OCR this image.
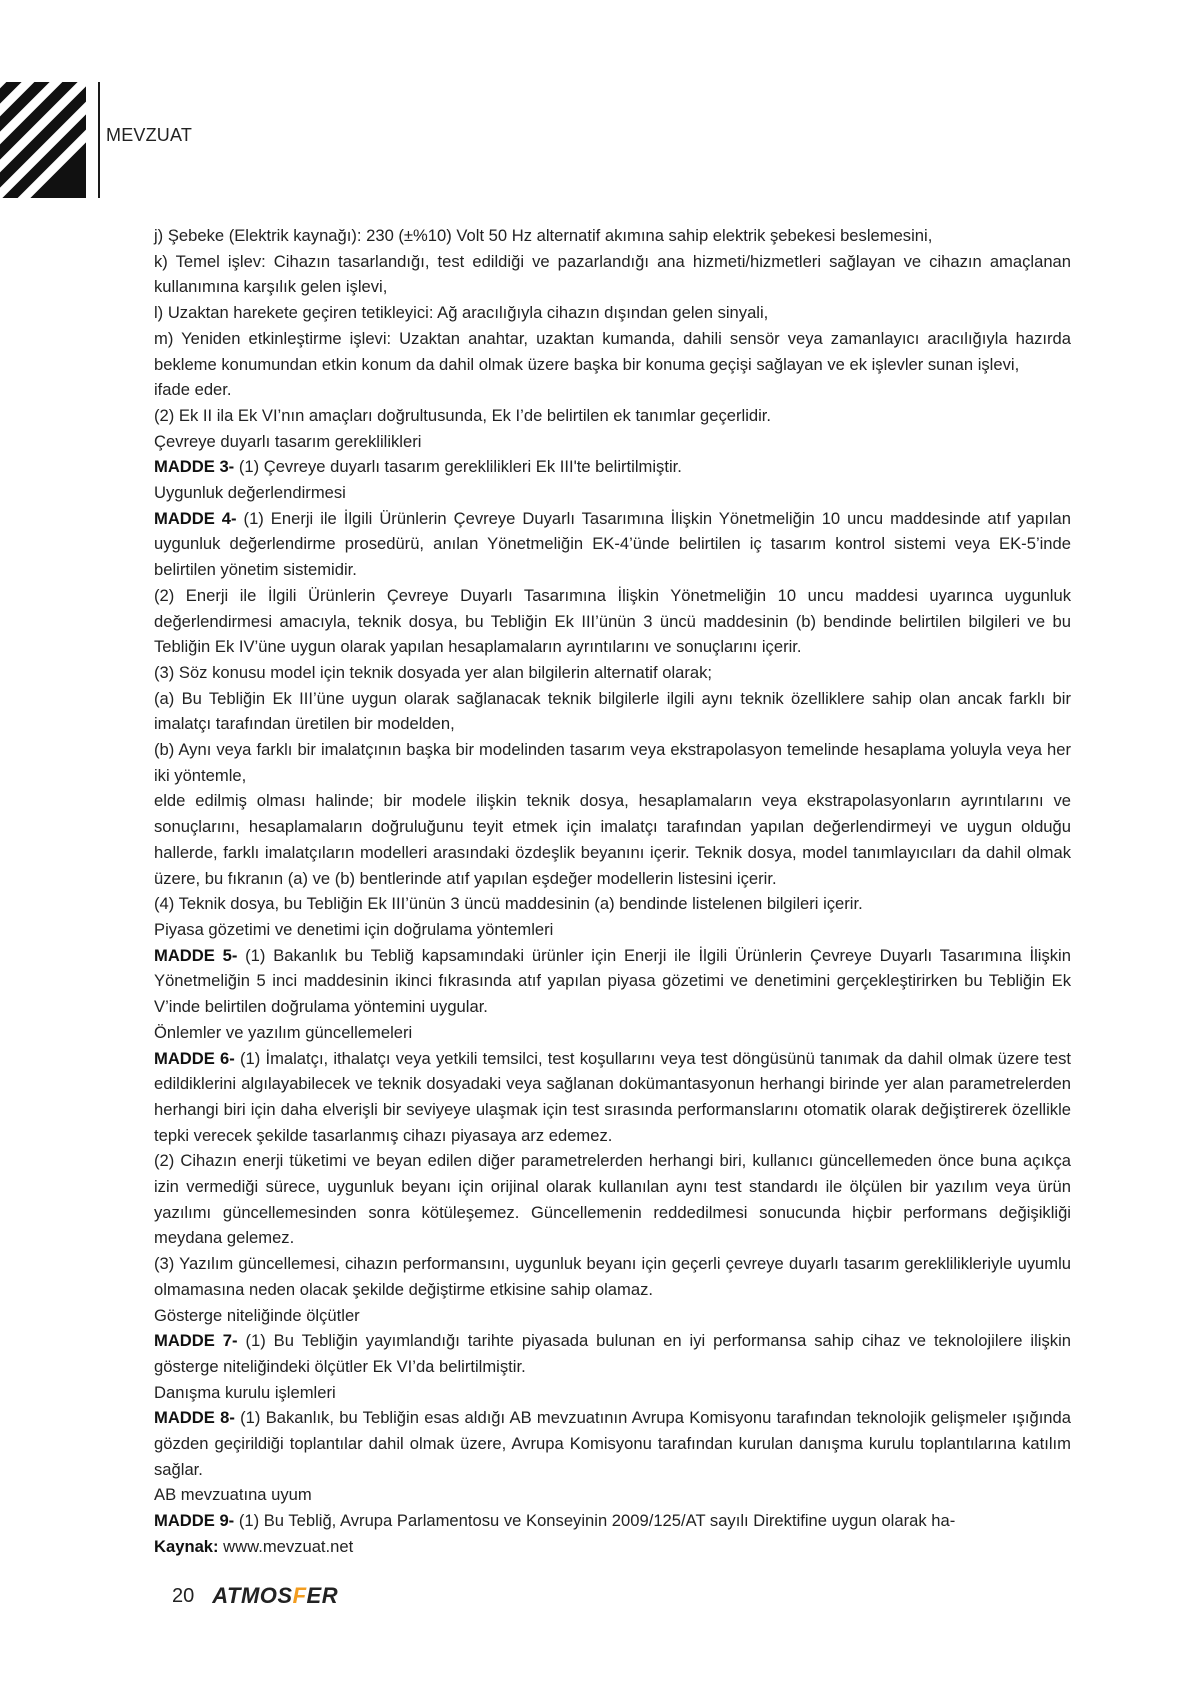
MEVZUAT

j) Şebeke (Elektrik kaynağı): 230 (±%10) Volt 50 Hz alternatif akımına sahip elektrik şebekesi beslemesini,

k) Temel işlev: Cihazın tasarlandığı, test edildiği ve pazarlandığı ana hizmeti/hizmetleri sağlayan ve cihazın amaçlanan kullanımına karşılık gelen işlevi,

l) Uzaktan harekete geçiren tetikleyici: Ağ aracılığıyla cihazın dışından gelen sinyali,

m) Yeniden etkinleştirme işlevi: Uzaktan anahtar, uzaktan kumanda, dahili sensör veya zamanlayıcı aracılığıyla hazırda bekleme konumundan etkin konum da dahil olmak üzere başka bir konuma geçişi sağlayan ve ek işlevler sunan işlevi,

ifade eder.

(2) Ek II ila Ek VI’nın amaçları doğrultusunda, Ek I’de belirtilen ek tanımlar geçerlidir.

Çevreye duyarlı tasarım gereklilikleri

MADDE 3- (1) Çevreye duyarlı tasarım gereklilikleri Ek III'te belirtilmiştir.

Uygunluk değerlendirmesi

MADDE 4- (1) Enerji ile İlgili Ürünlerin Çevreye Duyarlı Tasarımına İlişkin Yönetmeliğin 10 uncu maddesinde atıf yapılan uygunluk değerlendirme prosedürü, anılan Yönetmeliğin EK-4’ünde belirtilen iç tasarım kontrol sistemi veya EK-5’inde belirtilen yönetim sistemidir.

(2) Enerji ile İlgili Ürünlerin Çevreye Duyarlı Tasarımına İlişkin Yönetmeliğin 10 uncu maddesi uyarınca uygunluk değerlendirmesi amacıyla, teknik dosya, bu Tebliğin Ek III’ünün 3 üncü maddesinin (b) bendinde belirtilen bilgileri ve bu Tebliğin Ek IV’üne uygun olarak yapılan hesaplamaların ayrıntılarını ve sonuçlarını içerir.

(3) Söz konusu model için teknik dosyada yer alan bilgilerin alternatif olarak;

(a) Bu Tebliğin Ek III’üne uygun olarak sağlanacak teknik bilgilerle ilgili aynı teknik özelliklere sahip olan ancak farklı bir imalatçı tarafından üretilen bir modelden,

(b) Aynı veya farklı bir imalatçının başka bir modelinden tasarım veya ekstrapolasyon temelinde hesaplama yoluyla veya her iki yöntemle,

elde edilmiş olması halinde; bir modele ilişkin teknik dosya, hesaplamaların veya ekstrapolasyonların ayrıntılarını ve sonuçlarını, hesaplamaların doğruluğunu teyit etmek için imalatçı tarafından yapılan değerlendirmeyi ve uygun olduğu hallerde, farklı imalatçıların modelleri arasındaki özdeşlik beyanını içerir. Teknik dosya, model tanımlayıcıları da dahil olmak üzere, bu fıkranın (a) ve (b) bentlerinde atıf yapılan eşdeğer modellerin listesini içerir.

(4) Teknik dosya, bu Tebliğin Ek III’ünün 3 üncü maddesinin (a) bendinde listelenen bilgileri içerir.

Piyasa gözetimi ve denetimi için doğrulama yöntemleri

MADDE 5- (1) Bakanlık bu Tebliğ kapsamındaki ürünler için Enerji ile İlgili Ürünlerin Çevreye Duyarlı Tasarımına İlişkin Yönetmeliğin 5 inci maddesinin ikinci fıkrasında atıf yapılan piyasa gözetimi ve denetimini gerçekleştirirken bu Tebliğin Ek V’inde belirtilen doğrulama yöntemini uygular.

Önlemler ve yazılım güncellemeleri

MADDE 6- (1) İmalatçı, ithalatçı veya yetkili temsilci, test koşullarını veya test döngüsünü tanımak da dahil olmak üzere test edildiklerini algılayabilecek ve teknik dosyadaki veya sağlanan dokümantasyonun herhangi birinde yer alan parametrelerden herhangi biri için daha elverişli bir seviyeye ulaşmak için test sırasında performanslarını otomatik olarak değiştirerek özellikle tepki verecek şekilde tasarlanmış cihazı piyasaya arz edemez.

(2) Cihazın enerji tüketimi ve beyan edilen diğer parametrelerden herhangi biri, kullanıcı güncellemeden önce buna açıkça izin vermediği sürece, uygunluk beyanı için orijinal olarak kullanılan aynı test standardı ile ölçülen bir yazılım veya ürün yazılımı güncellemesinden sonra kötüleşemez. Güncellemenin reddedilmesi sonucunda hiçbir performans değişikliği meydana gelemez.

(3) Yazılım güncellemesi, cihazın performansını, uygunluk beyanı için geçerli çevreye duyarlı tasarım gereklilikleriyle uyumlu olmamasına neden olacak şekilde değiştirme etkisine sahip olamaz.

Gösterge niteliğinde ölçütler

MADDE 7- (1) Bu Tebliğin yayımlandığı tarihte piyasada bulunan en iyi performansa sahip cihaz ve teknolojilere ilişkin gösterge niteliğindeki ölçütler Ek VI’da belirtilmiştir.

Danışma kurulu işlemleri

MADDE 8- (1) Bakanlık, bu Tebliğin esas aldığı AB mevzuatının Avrupa Komisyonu tarafından teknolojik gelişmeler ışığında gözden geçirildiği toplantılar dahil olmak üzere, Avrupa Komisyonu tarafından kurulan danışma kurulu toplantılarına katılım sağlar.

AB mevzuatına uyum

MADDE 9- (1) Bu Tebliğ, Avrupa Parlamentosu ve Konseyinin 2009/125/AT sayılı Direktifine uygun olarak ha-

Kaynak: www.mevzuat.net

20 ATMOS F ER
